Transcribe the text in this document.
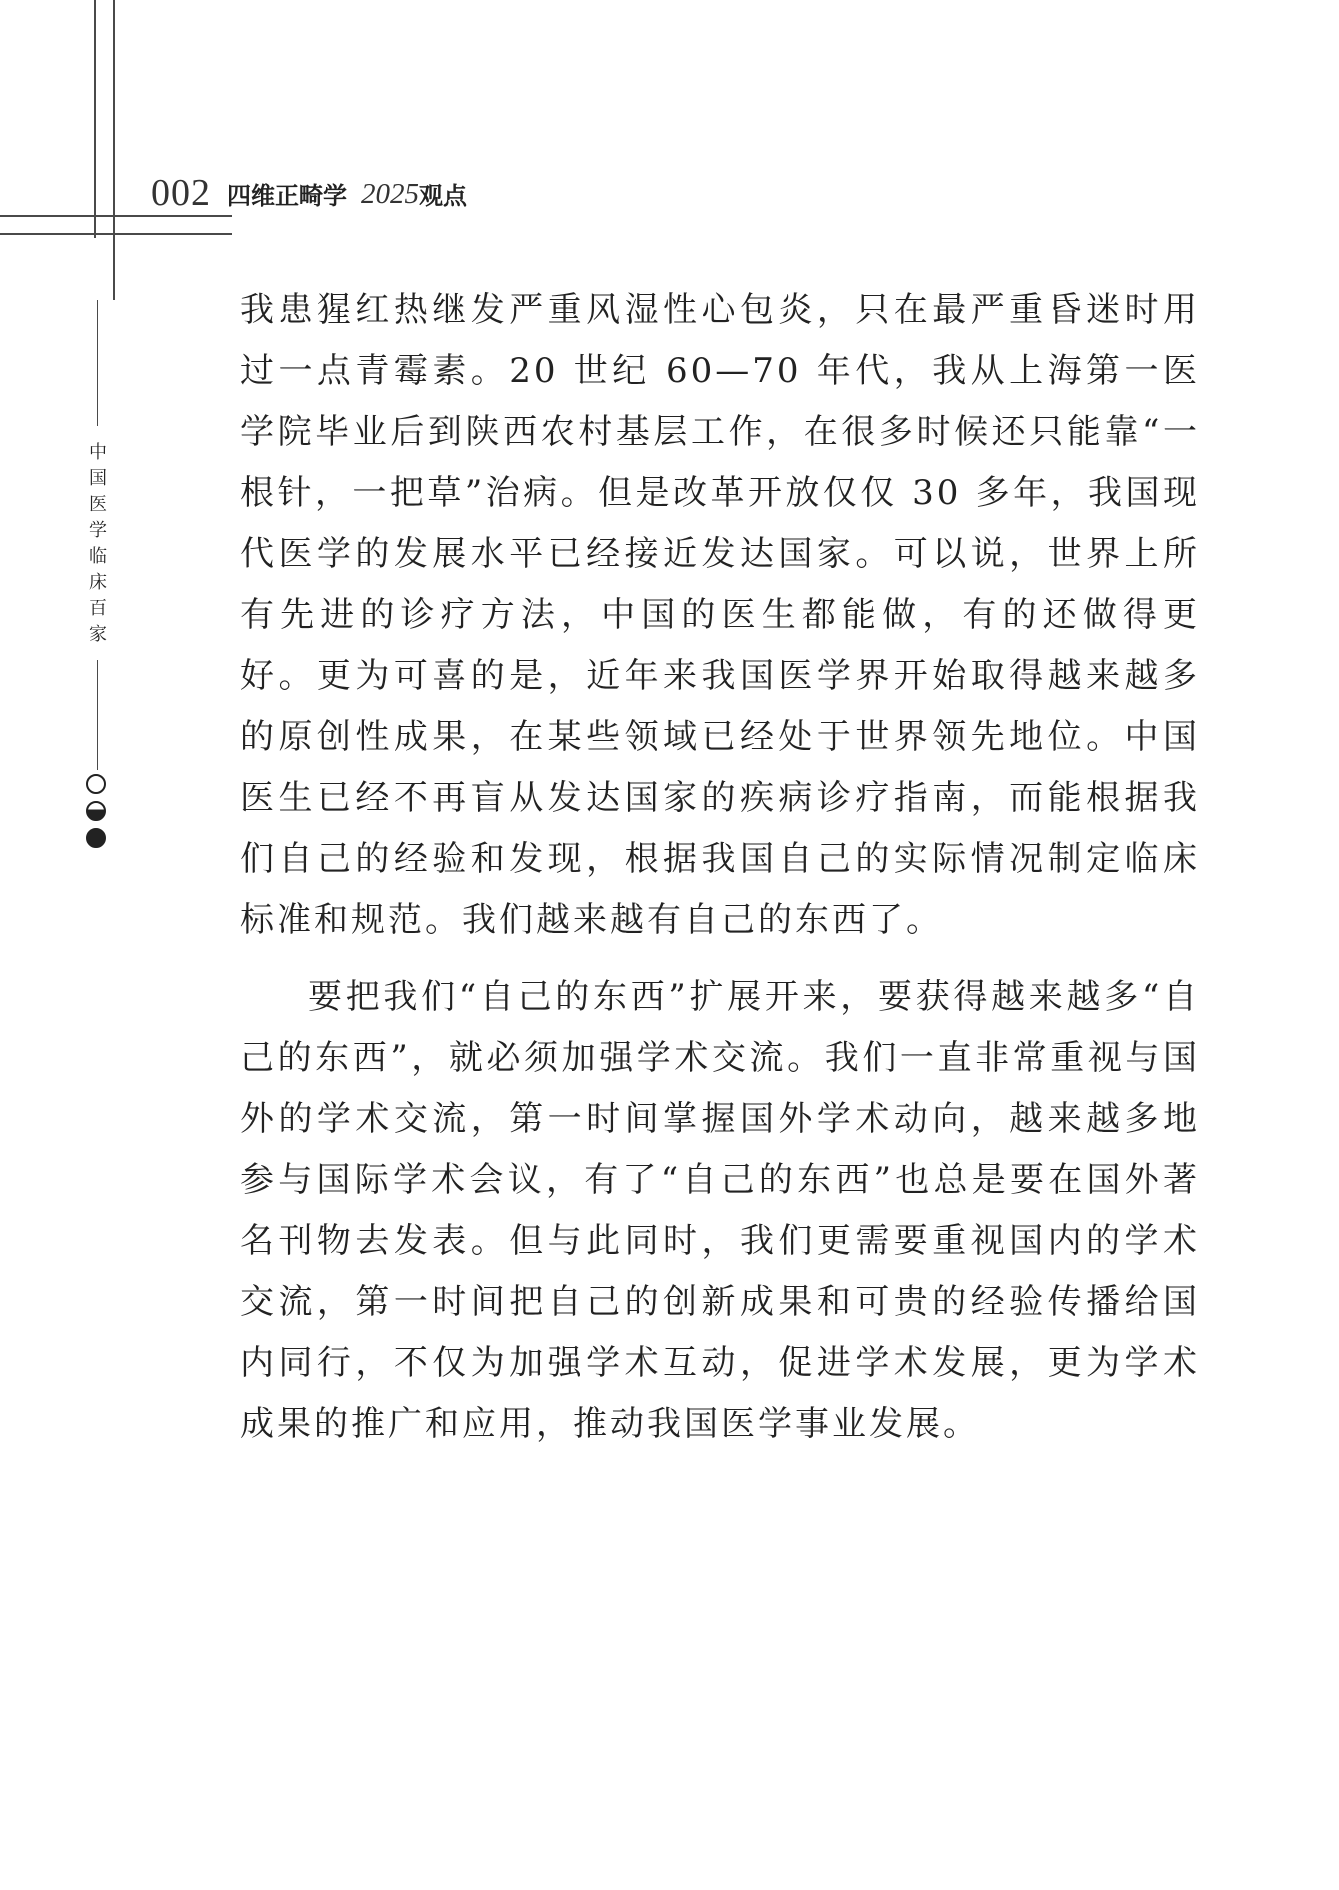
002 四维正畸学 2025 观点
中国医学临床百家

我患猩红热继发严重风湿性心包炎，只在最严重昏迷时用过一点青霉素。20 世纪 60—70 年代，我从上海第一医学院毕业后到陕西农村基层工作，在很多时候还只能靠“一根针，一把草”治病。但是改革开放仅仅 30 多年，我国现代医学的发展水平已经接近发达国家。可以说，世界上所有先进的诊疗方法，中国的医生都能做，有的还做得更好。更为可喜的是，近年来我国医学界开始取得越来越多的原创性成果，在某些领域已经处于世界领先地位。中国医生已经不再盲从发达国家的疾病诊疗指南，而能根据我们自己的经验和发现，根据我国自己的实际情况制定临床标准和规范。我们越来越有自己的东西了。

要把我们“自己的东西”扩展开来，要获得越来越多“自己的东西”，就必须加强学术交流。我们一直非常重视与国外的学术交流，第一时间掌握国外学术动向，越来越多地参与国际学术会议，有了“自己的东西”也总是要在国外著名刊物去发表。但与此同时，我们更需要重视国内的学术交流，第一时间把自己的创新成果和可贵的经验传播给国内同行，不仅为加强学术互动，促进学术发展，更为学术成果的推广和应用，推动我国医学事业发展。
